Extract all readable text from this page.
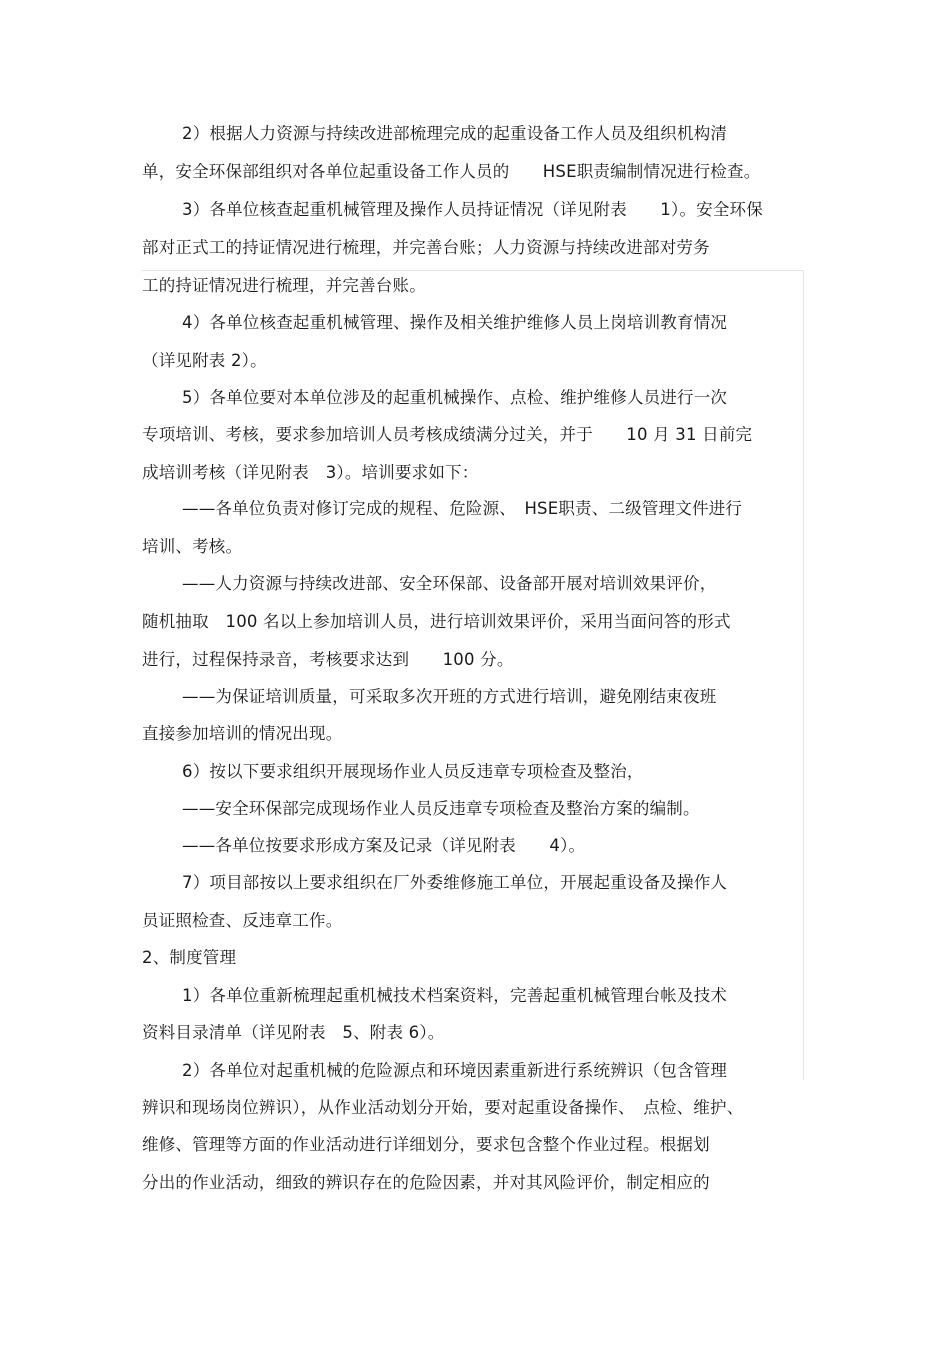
2）根据人力资源与持续改进部梳理完成的起重设备工作人员及组织机构清
单，安全环保部组织对各单位起重设备工作人员的　　HSE职责编制情况进行检查。
3）各单位核查起重机械管理及操作人员持证情况（详见附表　　1）。安全环保
部对正式工的持证情况进行梳理，并完善台账；人力资源与持续改进部对劳务
工的持证情况进行梳理，并完善台账。
4）各单位核查起重机械管理、操作及相关维护维修人员上岗培训教育情况
（详见附表 2）。
5）各单位要对本单位涉及的起重机械操作、点检、维护维修人员进行一次
专项培训、考核，要求参加培训人员考核成绩满分过关，并于　　10 月 31 日前完
成培训考核（详见附表　3）。培训要求如下：
——各单位负责对修订完成的规程、危险源、　HSE职责、二级管理文件进行
培训、考核。
——人力资源与持续改进部、安全环保部、设备部开展对培训效果评价，
随机抽取　100 名以上参加培训人员，进行培训效果评价，采用当面问答的形式
进行，过程保持录音，考核要求达到　　100 分。
——为保证培训质量，可采取多次开班的方式进行培训，避免刚结束夜班
直接参加培训的情况出现。
6）按以下要求组织开展现场作业人员反违章专项检查及整治，
——安全环保部完成现场作业人员反违章专项检查及整治方案的编制。
——各单位按要求形成方案及记录（详见附表　　4）。
7）项目部按以上要求组织在厂外委维修施工单位，开展起重设备及操作人
员证照检查、反违章工作。
2、制度管理
1）各单位重新梳理起重机械技术档案资料，完善起重机械管理台帐及技术
资料目录清单（详见附表　5、附表 6）。
2）各单位对起重机械的危险源点和环境因素重新进行系统辨识（包含管理
辨识和现场岗位辨识），从作业活动划分开始，要对起重设备操作、　点检、维护、
维修、管理等方面的作业活动进行详细划分，要求包含整个作业过程。根据划
分出的作业活动，细致的辨识存在的危险因素，并对其风险评价，制定相应的
